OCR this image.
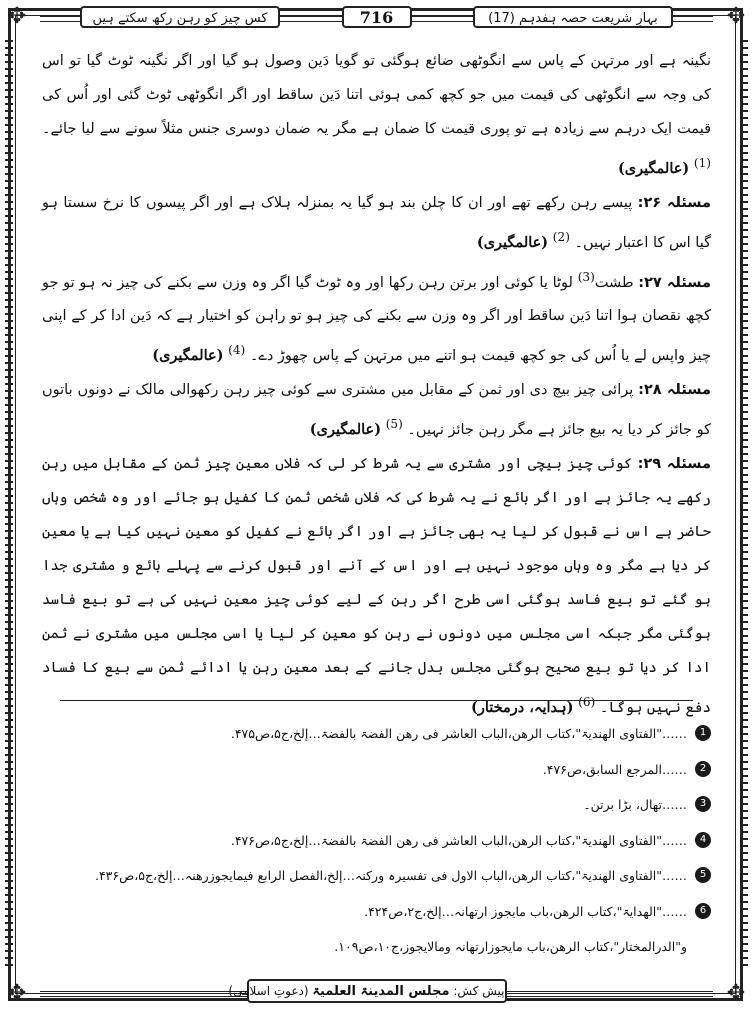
✥	✥
✥	✥
بہارِ شریعت حصہ ہفدہم (17)
716
کس چیز کو رہن رکھ سکتے ہیں

نگینہ ہے اور مرتہن کے پاس سے انگوٹھی ضائع ہوگئی تو گویا دَین وصول ہو گیا اور اگر نگینہ ٹوٹ گیا تو اس کی وجہ سے انگوٹھی کی قیمت میں جو کچھ کمی ہوئی اتنا دَین ساقط اور اگر انگوٹھی ٹوٹ گئی اور اُس کی قیمت ایک درہم سے زیادہ ہے تو پوری قیمت کا ضمان ہے مگر یہ ضمان دوسری جنس مثلاً سونے سے لیا جائے۔ $^{(1)}$ (عالمگیری)

مسئلہ ۲۶: پیسے رہن رکھے تھے اور ان کا چلن بند ہو گیا یہ بمنزلہ ہلاک ہے اور اگر پیسوں کا نرخ سستا ہو گیا اس کا اعتبار نہیں۔ $^{(2)}$ (عالمگیری)

مسئلہ ۲۷: طشت$^{(3)}$ لوٹا یا کوئی اور برتن رہن رکھا اور وہ ٹوٹ گیا اگر وہ وزن سے بکنے کی چیز نہ ہو تو جو کچھ نقصان ہوا اتنا دَین ساقط اور اگر وہ وزن سے بکنے کی چیز ہو تو راہن کو اختیار ہے کہ دَین ادا کر کے اپنی چیز واپس لے یا اُس کی جو کچھ قیمت ہو اتنے میں مرتہن کے پاس چھوڑ دے۔ $^{(4)}$ (عالمگیری)

مسئلہ ۲۸: پرائی چیز بیچ دی اور ثمن کے مقابل میں مشتری سے کوئی چیز رہن رکھوالی مالک نے دونوں باتوں کو جائز کر دیا یہ بیع جائز ہے مگر رہن جائز نہیں۔ $^{(5)}$ (عالمگیری)

مسئلہ ۲۹: کوئی چیز بیچی اور مشتری سے یہ شرط کر لی کہ فلاں معین چیز ثمن کے مقابل میں رہن رکھے یہ جائز ہے اور اگر بائع نے یہ شرط کی کہ فلاں شخص ثمن کا کفیل ہو جائے اور وہ شخص وہاں حاضر ہے اس نے قبول کر لیا یہ بھی جائز ہے اور اگر بائع نے کفیل کو معین نہیں کیا ہے یا معین کر دیا ہے مگر وہ وہاں موجود نہیں ہے اور اس کے آنے اور قبول کرنے سے پہلے بائع و مشتری جدا ہو گئے تو بیع فاسد ہوگئی اسی طرح اگر رہن کے لیے کوئی چیز معین نہیں کی ہے تو بیع فاسد ہوگئی مگر جبکہ اسی مجلس میں دونوں نے رہن کو معین کر لیا یا اسی مجلس میں مشتری نے ثمن ادا کر دیا تو بیع صحیح ہوگئی مجلس بدل جانے کے بعد معین رہن یا ادائے ثمن سے بیع کا فساد دفع نہیں ہوگا۔ $^{(6)}$ (ہدایہ، درمختار)

1
……"الفتاوی الھندیۃ"،کتاب الرھن،الباب العاشر فی رھن الفضۃ بالفضۃ…إلخ،ج۵،ص۴۷۵.
2
……المرجع السابق،ص۴۷۶.
3
……تھال، بڑا برتن۔
4
……"الفتاوی الھندیۃ"،کتاب الرھن،الباب العاشر فی رھن الفضۃ بالفضۃ…إلخ،ج۵،ص۴۷۶.
5
……"الفتاوی الھندیۃ"،کتاب الرھن،الباب الاول فی تفسیرہ ورکنہ…إلخ،الفصل الرابع فیمایجوزرھنہ…إلخ،ج۵،ص۴۳۶.
6
……"الھدایۃ"،کتاب الرھن،باب مایجوز ارتھانہ…إلخ،ج۲،ص۴۲۴.
و"الدرالمختار"،کتاب الرھن،باب مایجوزارتھانہ ومالایجوز،ج۱۰،ص۱۰۹.
پیش کش: مجلس المدینۃ العلمیۃ (دعوتِ اسلامی)
